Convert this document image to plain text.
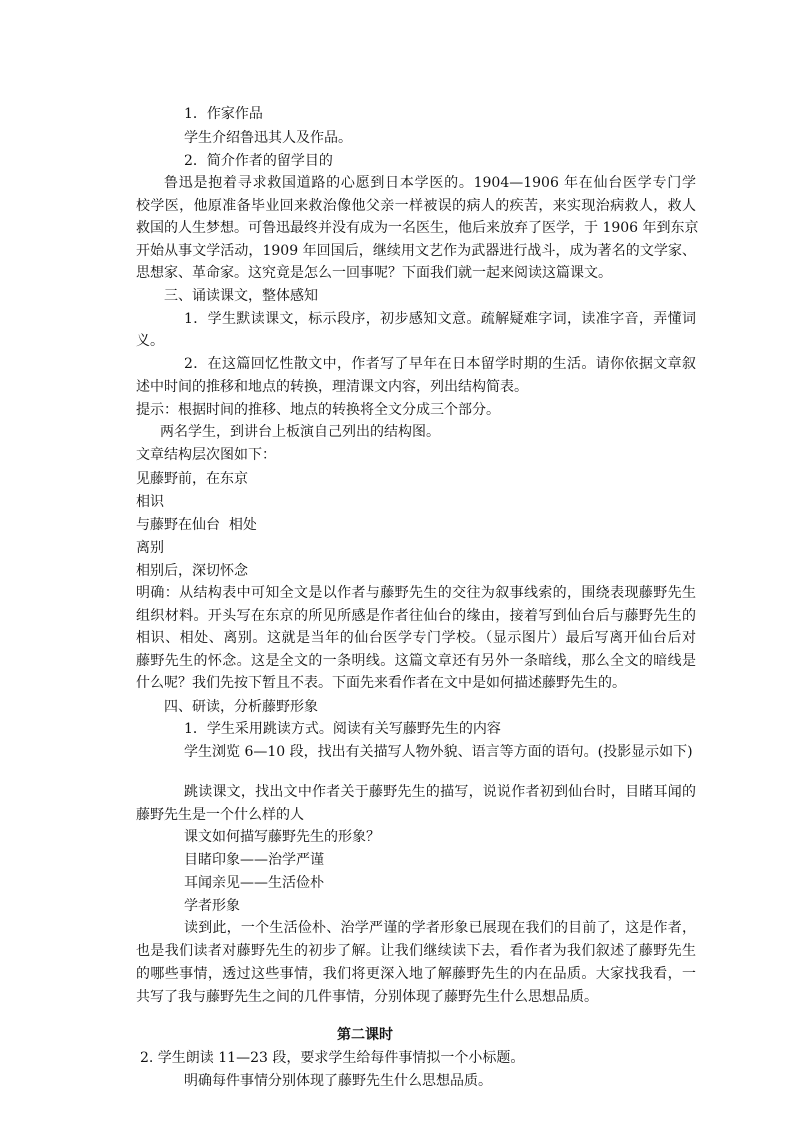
1．作家作品
学生介绍鲁迅其人及作品。
2．简介作者的留学目的
鲁迅是抱着寻求救国道路的心愿到日本学医的。1904—1906 年在仙台医学专门学
校学医，他原准备毕业回来救治像他父亲一样被误的病人的疾苦，来实现治病救人，救人
救国的人生梦想。可鲁迅最终并没有成为一名医生，他后来放弃了医学，于 1906 年到东京
开始从事文学活动，1909 年回国后，继续用文艺作为武器进行战斗，成为著名的文学家、
思想家、革命家。这究竟是怎么一回事呢？下面我们就一起来阅读这篇课文。
三、诵读课文，整体感知
1．学生默读课文，标示段序，初步感知文意。疏解疑难字词，读准字音，弄懂词
义。
2．在这篇回忆性散文中，作者写了早年在日本留学时期的生活。请你依据文章叙
述中时间的推移和地点的转换，理清课文内容，列出结构简表。
提示：根据时间的推移、地点的转换将全文分成三个部分。
两名学生，到讲台上板演自己列出的结构图。
文章结构层次图如下：
见藤野前，在东京
相识
与藤野在仙台  相处
离别
相别后，深切怀念
明确：从结构表中可知全文是以作者与藤野先生的交往为叙事线索的，围绕表现藤野先生
组织材料。开头写在东京的所见所感是作者往仙台的缘由，接着写到仙台后与藤野先生的
相识、相处、离别。这就是当年的仙台医学专门学校。（显示图片）最后写离开仙台后对
藤野先生的怀念。这是全文的一条明线。这篇文章还有另外一条暗线，那么全文的暗线是
什么呢？我们先按下暂且不表。下面先来看作者在文中是如何描述藤野先生的。
四、研读，分析藤野形象
1．学生采用跳读方式。阅读有关写藤野先生的内容
学生浏览 6—10 段，找出有关描写人物外貌、语言等方面的语句。(投影显示如下)
跳读课文，找出文中作者关于藤野先生的描写，说说作者初到仙台时，目睹耳闻的
藤野先生是一个什么样的人
课文如何描写藤野先生的形象？
目睹印象——治学严谨
耳闻亲见——生活俭朴
学者形象
读到此，一个生活俭朴、治学严谨的学者形象已展现在我们的目前了，这是作者，
也是我们读者对藤野先生的初步了解。让我们继续读下去，看作者为我们叙述了藤野先生
的哪些事情，透过这些事情，我们将更深入地了解藤野先生的内在品质。大家找我看，一
共写了我与藤野先生之间的几件事情，分别体现了藤野先生什么思想品质。
第二课时
2. 学生朗读 11—23 段，要求学生给每件事情拟一个小标题。
明确每件事情分别体现了藤野先生什么思想品质。
